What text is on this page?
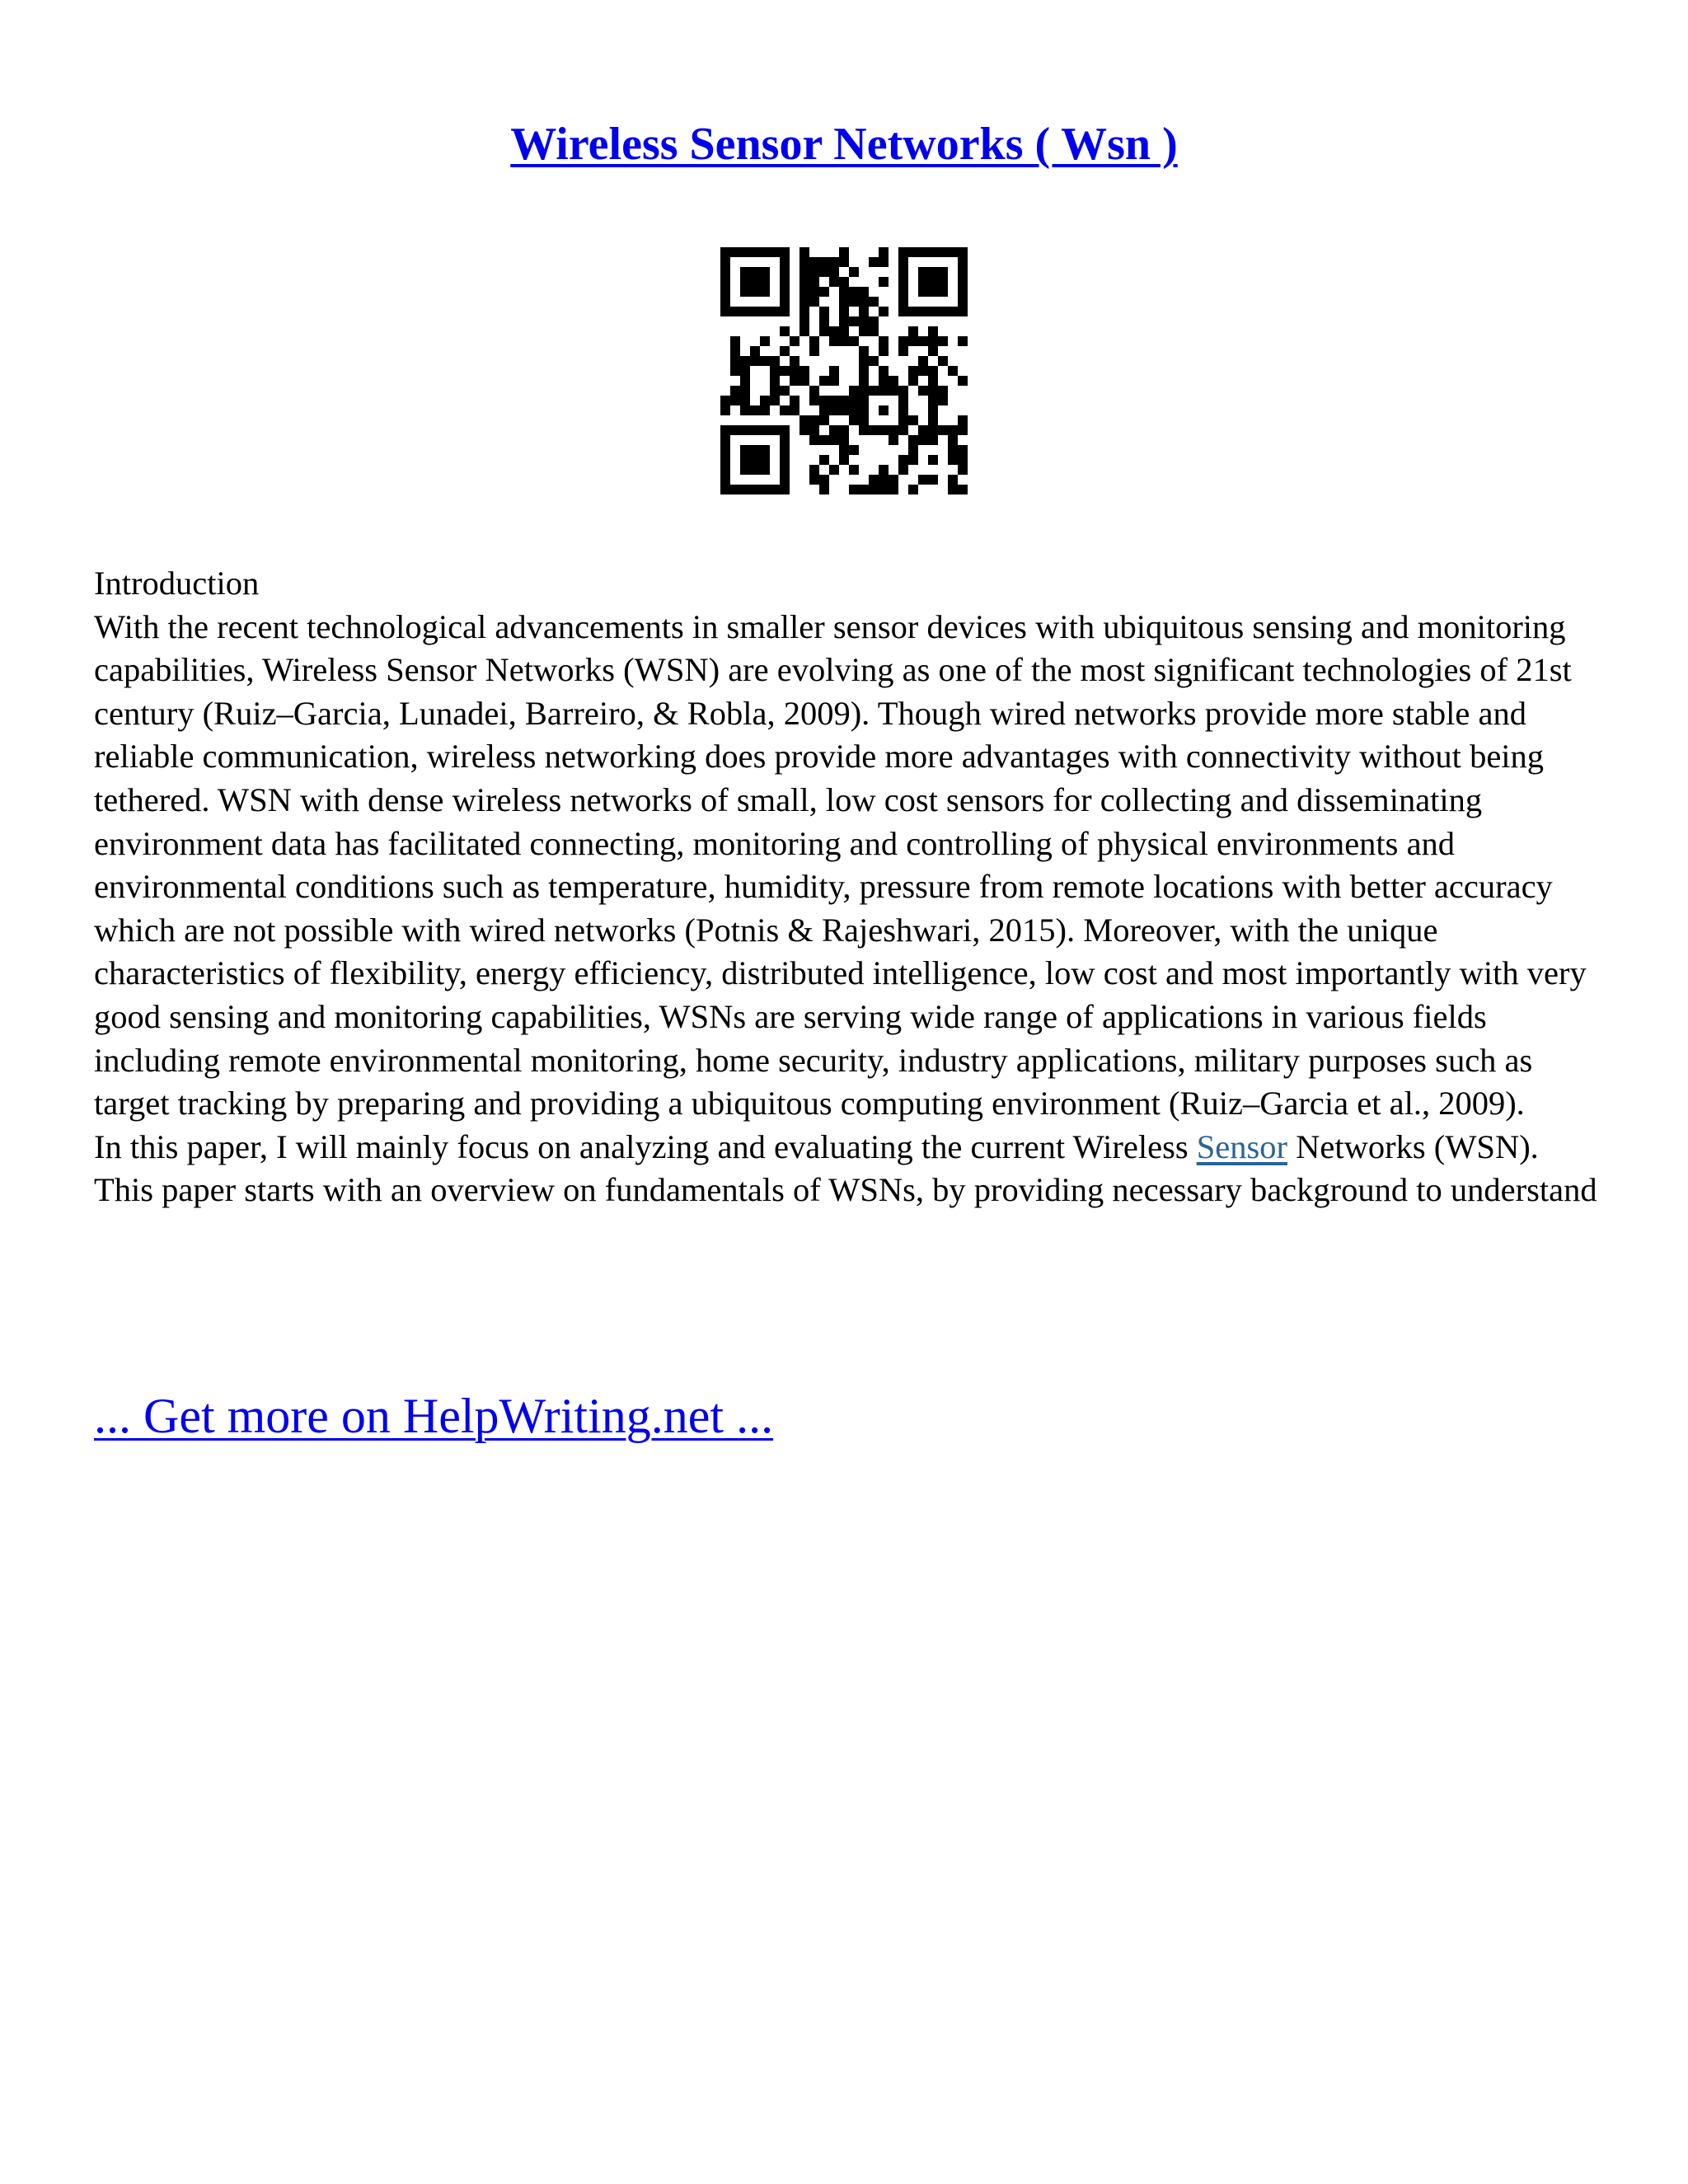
Wireless Sensor Networks ( Wsn )

Introduction

With the recent technological advancements in smaller sensor devices with ubiquitous sensing and monitoring capabilities, Wireless Sensor Networks (WSN) are evolving as one of the most significant technologies of 21st century (Ruiz–Garcia, Lunadei, Barreiro, & Robla, 2009). Though wired networks provide more stable and reliable communication, wireless networking does provide more advantages with connectivity without being tethered. WSN with dense wireless networks of small, low cost sensors for collecting and disseminating environment data has facilitated connecting, monitoring and controlling of physical environments and environmental conditions such as temperature, humidity, pressure from remote locations with better accuracy which are not possible with wired networks (Potnis & Rajeshwari, 2015). Moreover, with the unique characteristics of flexibility, energy efficiency, distributed intelligence, low cost and most importantly with very good sensing and monitoring capabilities, WSNs are serving wide range of applications in various fields including remote environmental monitoring, home security, industry applications, military purposes such as target tracking by preparing and providing a ubiquitous computing environment (Ruiz–Garcia et al., 2009).

In this paper, I will mainly focus on analyzing and evaluating the current Wireless Sensor Networks (WSN). This paper starts with an overview on fundamentals of WSNs, by providing necessary background to understand

... Get more on HelpWriting.net ...
